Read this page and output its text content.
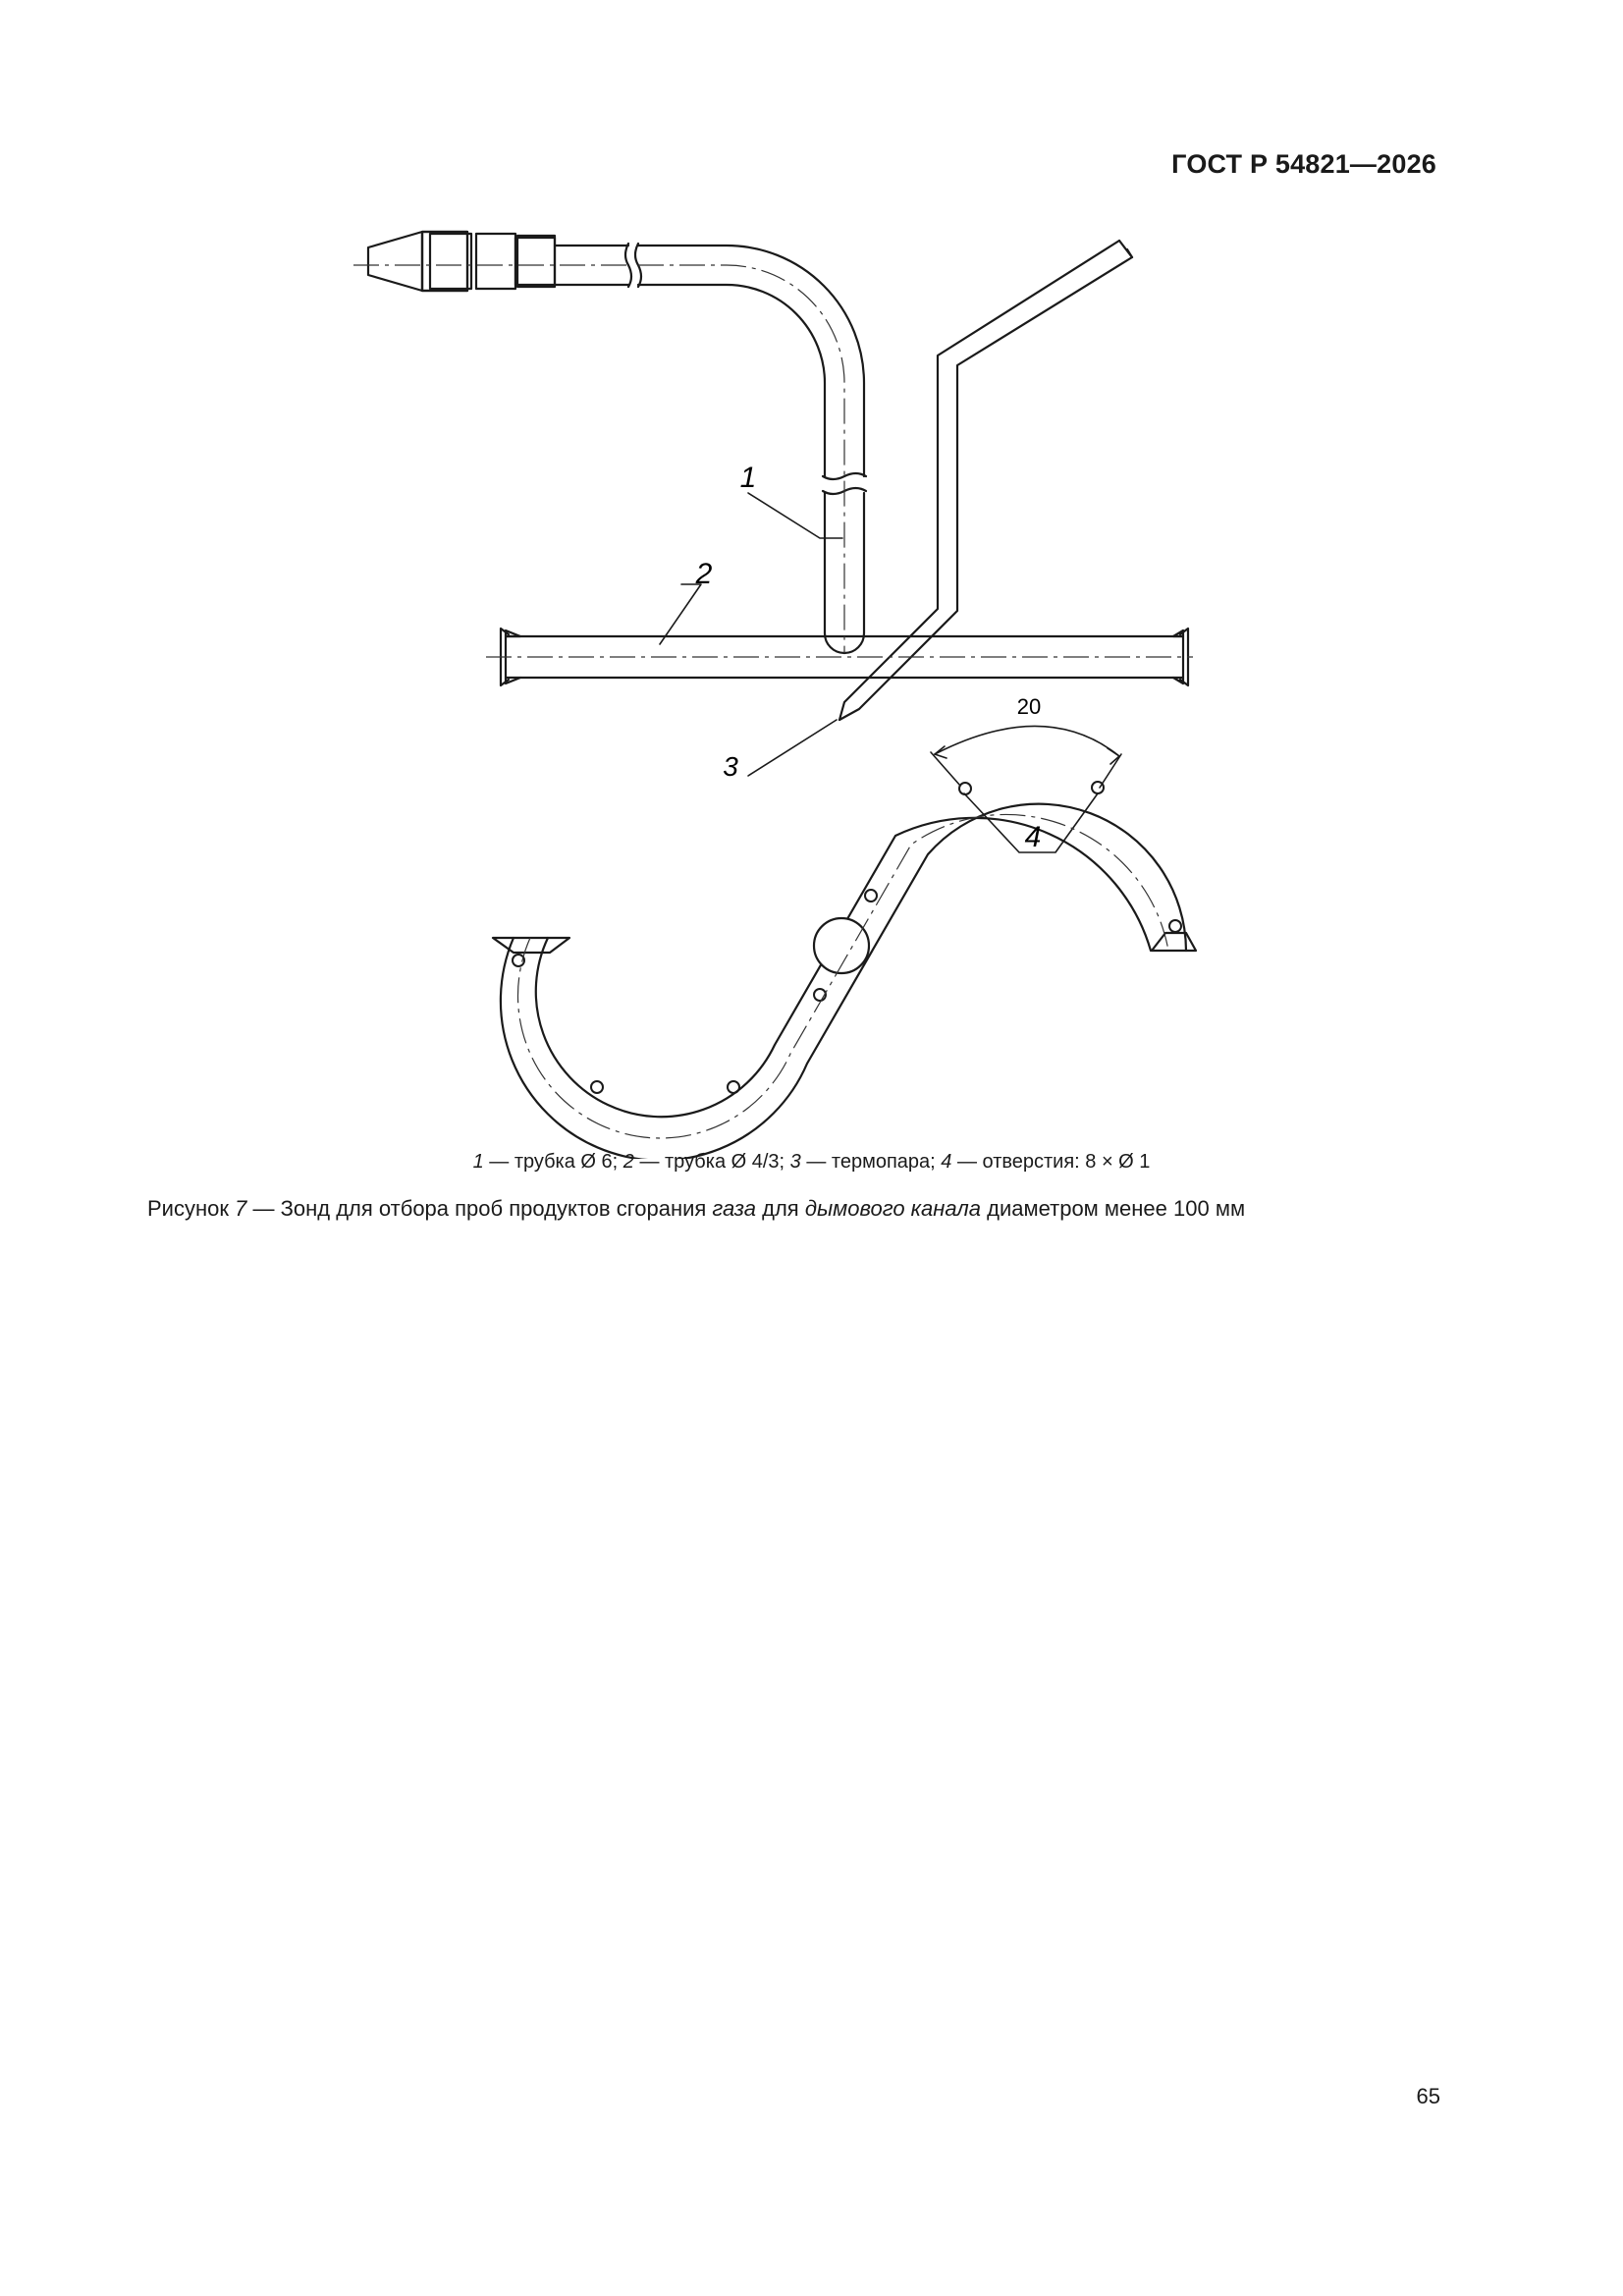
ГОСТ Р 54821—2026
1
2
3
4
20
1 — трубка Ø 6; 2 — трубка Ø 4/3; 3 — термопара; 4 — отверстия: 8 × Ø 1
Рисунок 7 — Зонд для отбора проб продуктов сгорания газа для дымового канала диаметром менее 100 мм
65
